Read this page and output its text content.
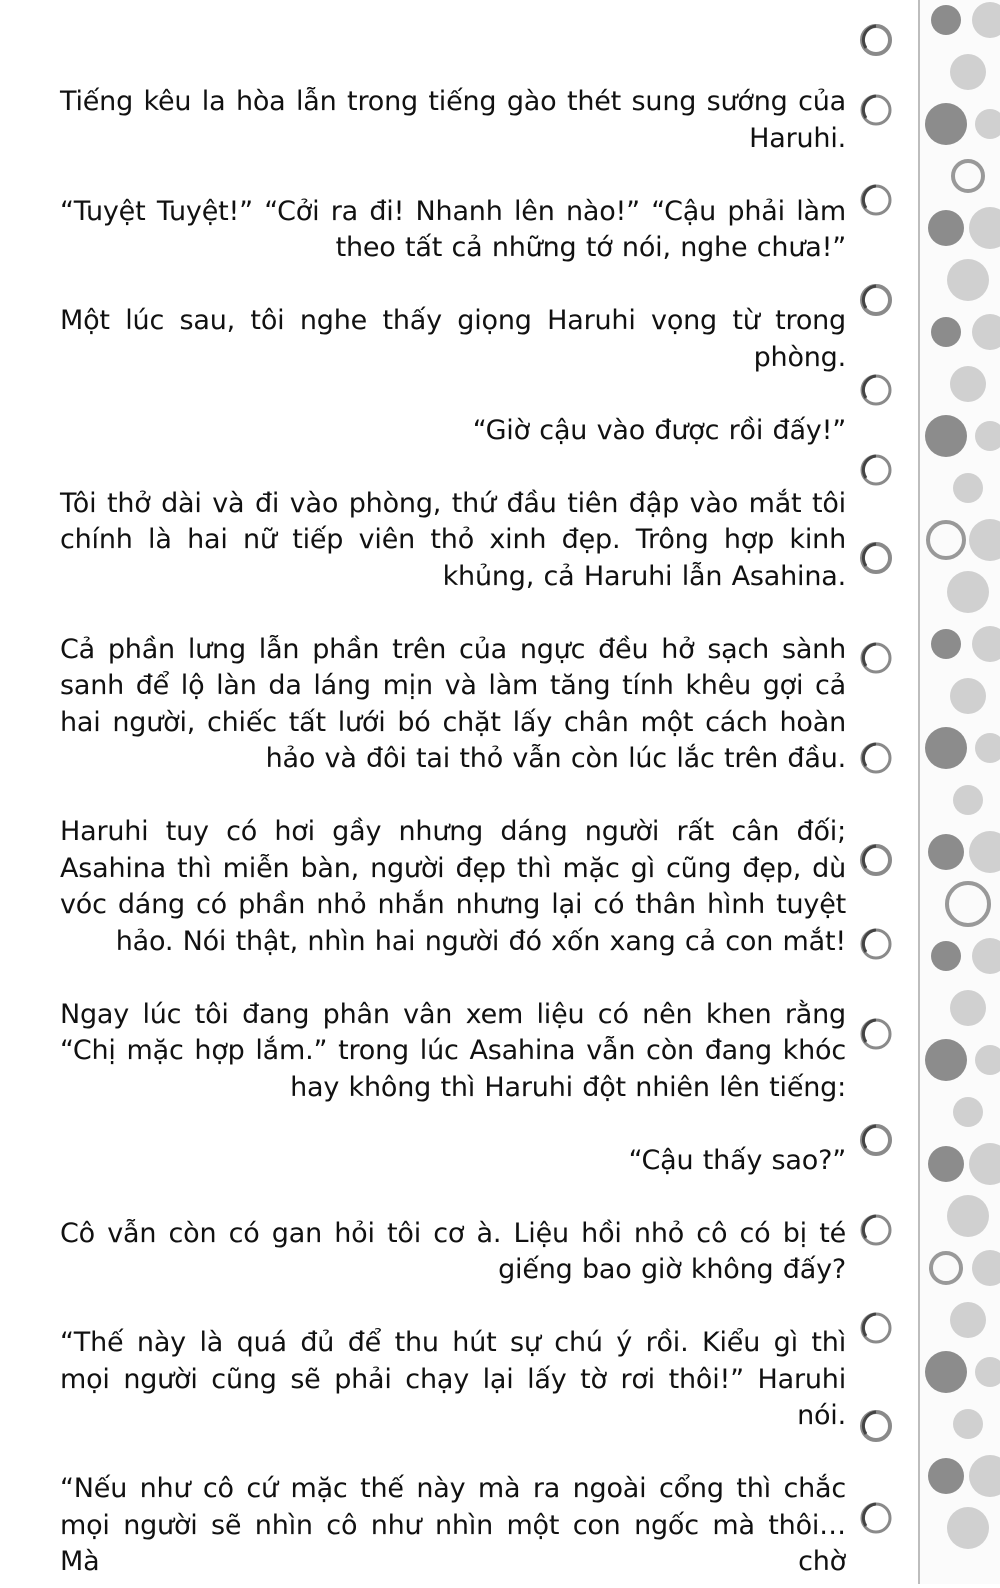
Tiếng kêu la hòa lẫn trong tiếng gào thét sung sướng của Haruhi.

“Tuyệt Tuyệt!” “Cởi ra đi! Nhanh lên nào!” “Cậu phải làm theo tất cả những tớ nói, nghe chưa!”

Một lúc sau, tôi nghe thấy giọng Haruhi vọng từ trong phòng.

“Giờ cậu vào được rồi đấy!”

Tôi thở dài và đi vào phòng, thứ đầu tiên đập vào mắt tôi chính là hai nữ tiếp viên thỏ xinh đẹp. Trông hợp kinh khủng, cả Haruhi lẫn Asahina.

Cả phần lưng lẫn phần trên của ngực đều hở sạch sành sanh để lộ làn da láng mịn và làm tăng tính khêu gợi cả hai người, chiếc tất lưới bó chặt lấy chân một cách hoàn hảo và đôi tai thỏ vẫn còn lúc lắc trên đầu.

Haruhi tuy có hơi gầy nhưng dáng người rất cân đối; Asahina thì miễn bàn, người đẹp thì mặc gì cũng đẹp, dù vóc dáng có phần nhỏ nhắn nhưng lại có thân hình tuyệt hảo. Nói thật, nhìn hai người đó xốn xang cả con mắt!

Ngay lúc tôi đang phân vân xem liệu có nên khen rằng “Chị mặc hợp lắm.” trong lúc Asahina vẫn còn đang khóc hay không thì Haruhi đột nhiên lên tiếng:

“Cậu thấy sao?”

Cô vẫn còn có gan hỏi tôi cơ à. Liệu hồi nhỏ cô có bị té giếng bao giờ không đấy?

“Thế này là quá đủ để thu hút sự chú ý rồi. Kiểu gì thì mọi người cũng sẽ phải chạy lại lấy tờ rơi thôi!” Haruhi nói.

“Nếu như cô cứ mặc thế này mà ra ngoài cổng thì chắc mọi người sẽ nhìn cô như nhìn một con ngốc mà thôi… Mà chờ
